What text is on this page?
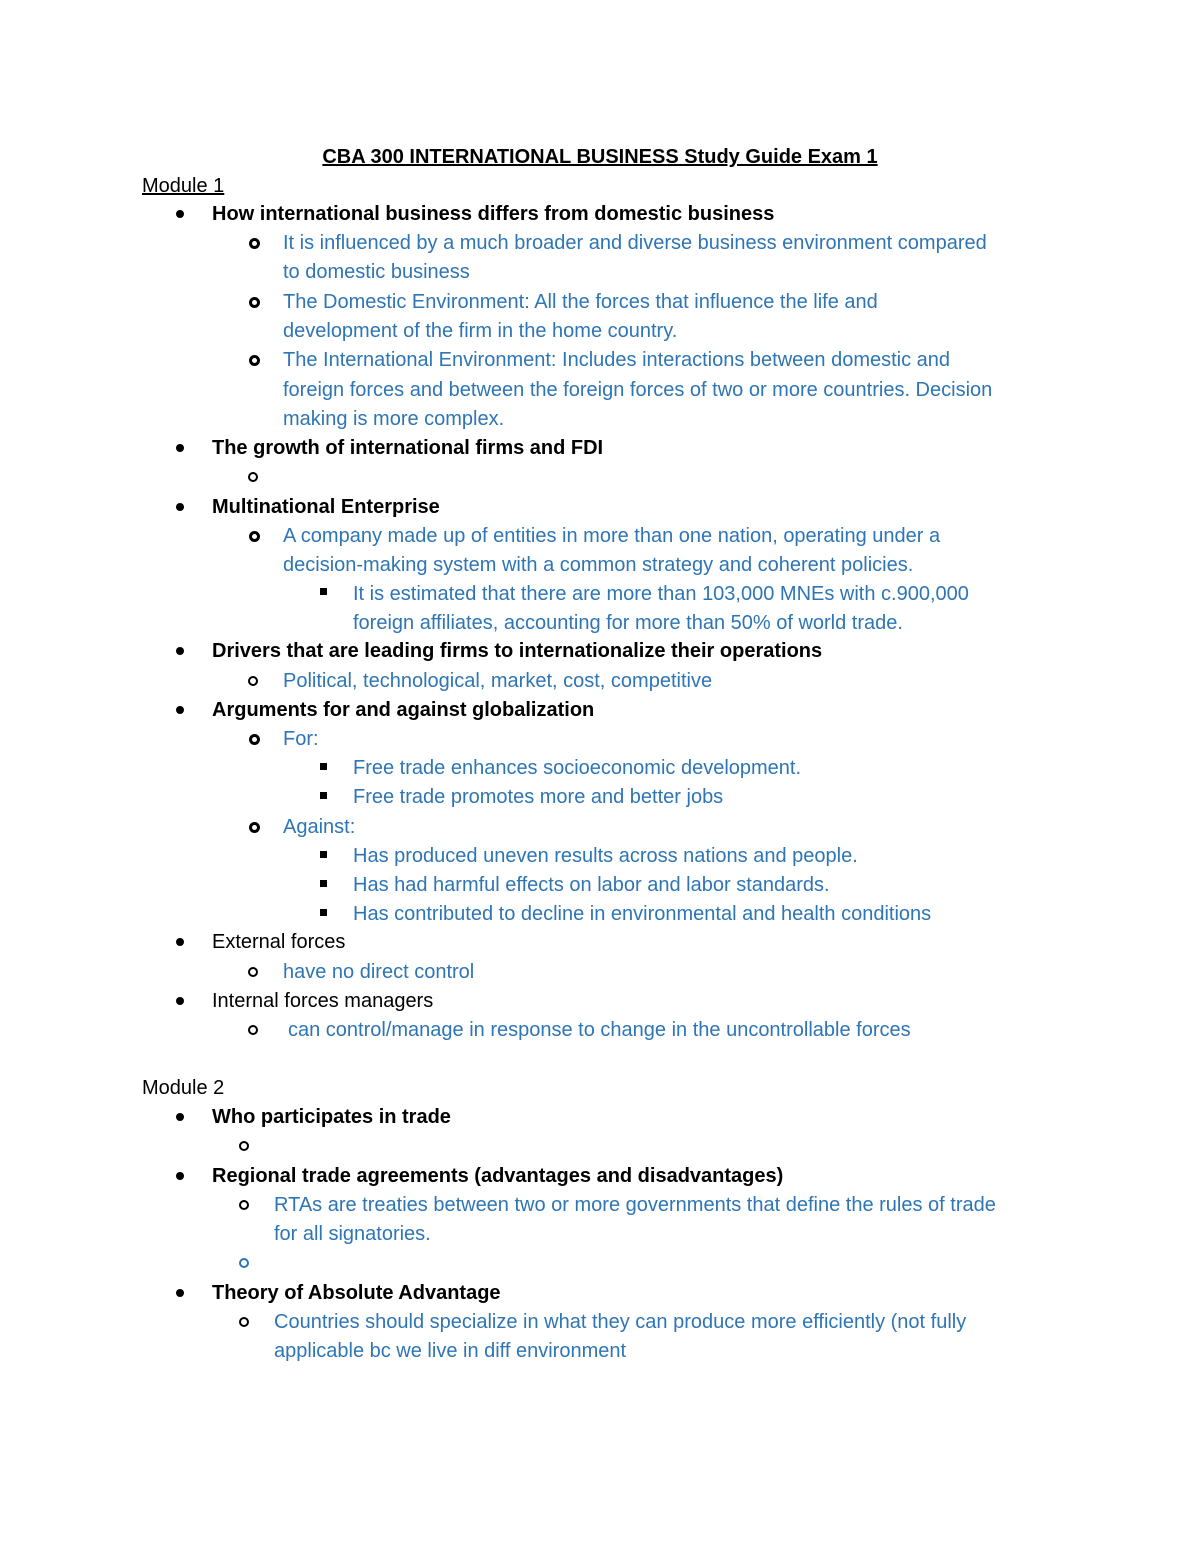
CBA 300 INTERNATIONAL BUSINESS Study Guide Exam 1
Module 1
How international business differs from domestic business
It is influenced by a much broader and diverse business environment compared
to domestic business
The Domestic Environment: All the forces that influence the life and
development of the firm in the home country.
The International Environment: Includes interactions between domestic and
foreign forces and between the foreign forces of two or more countries. Decision
making is more complex.
The growth of international firms and FDI
Multinational Enterprise
A company made up of entities in more than one nation, operating under a
decision-making system with a common strategy and coherent policies.
It is estimated that there are more than 103,000 MNEs with c.900,000
foreign affiliates, accounting for more than 50% of world trade.
Drivers that are leading firms to internationalize their operations
Political, technological, market, cost, competitive
Arguments for and against globalization
For:
Free trade enhances socioeconomic development.
Free trade promotes more and better jobs
Against:
Has produced uneven results across nations and people.
Has had harmful effects on labor and labor standards.
Has contributed to decline in environmental and health conditions
External forces
have no direct control
Internal forces managers
can control/manage in response to change in the uncontrollable forces
Module 2
Who participates in trade
Regional trade agreements (advantages and disadvantages)
RTAs are treaties between two or more governments that define the rules of trade
for all signatories.
Theory of Absolute Advantage
Countries should specialize in what they can produce more efficiently (not fully
applicable bc we live in diff environment
